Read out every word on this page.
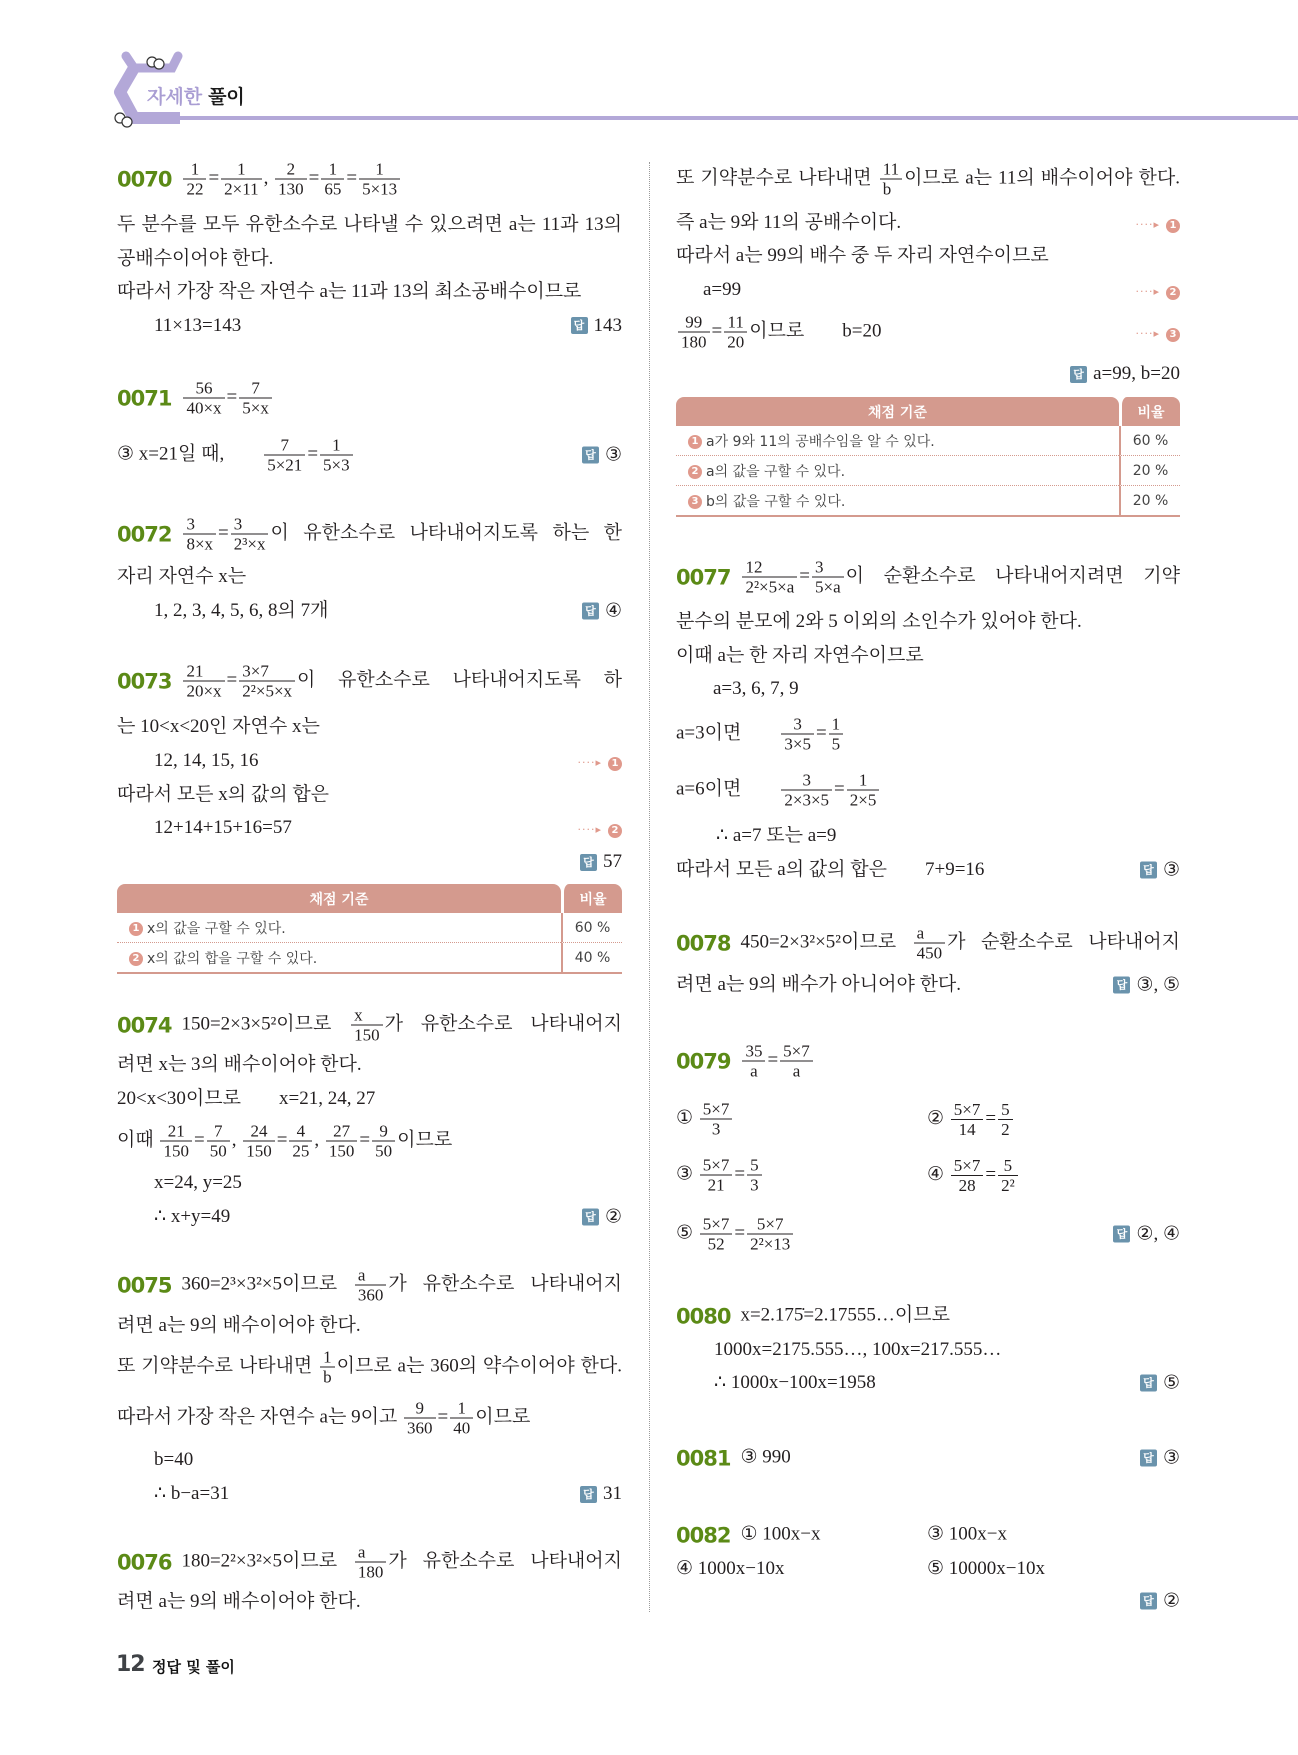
자세한 풀이
$0070 \frac{1}{22} = \frac{1}{2\times 11}$ , $\frac{2}{130} = \frac{1}{65} = \frac{1}{5\times 13}$
두 분수를 모두 유한소수로 나타낼 수 있으려면 a는 11과 13의
공배수이어야 한다.
따라서 가장 작은 자연수 a는 11과 13의 최소공배수이므로
11×13=143	답 143
$0071 \frac{56}{40\times x} = \frac{7}{5\times x}$
③ x=21일 때,   $\frac{7}{5\times 21} = \frac{1}{5\times 3}$	답 ③
$0072 \frac{3}{8\times x} = \frac{3}{\text{2³×x}}$ 이 유한소수로 나타내어지도록 하는 한
자리 자연수 x는
1, 2, 3, 4, 5, 6, 8의 7개	답 ④
$0073 \frac{21}{20\times x} = \frac{3\times 7}{\text{2²×5×x}}$ 이 유한소수로 나타내어지도록 하
는 10<x<20인 자연수 x는
12, 14, 15, 16	····▸ 1
따라서 모든 x의 값의 합은
12+14+15+16=57	····▸ 2
답 57
채점 기준	비율
1 x의 값을 구할 수 있다.	60 %
2 x의 값의 합을 구할 수 있다.	40 %
0074 150=2×3×5²이므로 $\frac{x}{150}$ 가 유한소수로 나타내어지
려면 x는 3의 배수이어야 한다.
20<x<30이므로  x=21, 24, 27
이때 $\frac{21}{150} = \frac{7}{50}$ , $\frac{24}{150} = \frac{4}{25}$ , $\frac{27}{150} = \frac{9}{50}$ 이므로
x=24, y=25
∴ x+y=49	답 ②
0075 360=2³×3²×5이므로 $\frac{a}{360}$ 가 유한소수로 나타내어지
려면 a는 9의 배수이어야 한다.
또 기약분수로 나타내면 $\frac{1}{b}$ 이므로 a는 360의 약수이어야 한다.
따라서 가장 작은 자연수 a는 9이고 $\frac{9}{360} = \frac{1}{40}$ 이므로
b=40
∴ b−a=31	답 31
0076 180=2²×3²×5이므로 $\frac{a}{180}$ 가 유한소수로 나타내어지
려면 a는 9의 배수이어야 한다.
또 기약분수로 나타내면 $\frac{11}{b}$ 이므로 a는 11의 배수이어야 한다.
즉 a는 9와 11의 공배수이다.	····▸ 1
따라서 a는 99의 배수 중 두 자리 자연수이므로
a=99	····▸ 2
$\frac{99}{180} = \frac{11}{20}$ 이므로  b=20	····▸ 3
답 a=99, b=20
채점 기준	비율
1 a가 9와 11의 공배수임을 알 수 있다.	60 %
2 a의 값을 구할 수 있다.	20 %
3 b의 값을 구할 수 있다.	20 %
$0077 \frac{12}{\text{2²×5×a}} = \frac{3}{5\times a}$ 이 순환소수로 나타내어지려면 기약
분수의 분모에 2와 5 이외의 소인수가 있어야 한다.
이때 a는 한 자리 자연수이므로
a=3, 6, 7, 9
a=3이면   $\frac{3}{3\times 5} = \frac{1}{5}$
a=6이면   $\frac{3}{2\times 3\times 5} = \frac{1}{2\times 5}$
∴ a=7 또는 a=9
따라서 모든 a의 값의 합은  7+9=16	답 ③
0078 450=2×3²×5²이므로 $\frac{a}{450}$ 가 순환소수로 나타내어지
려면 a는 9의 배수가 아니어야 한다.	답 ③, ⑤
$0079 \frac{35}{a} = \frac{5\times 7}{a}$
① $\frac{5\times 7}{3}$	② $\frac{5\times 7}{14} = \frac{5}{2}$
③ $\frac{5\times 7}{21} = \frac{5}{3}$	④ $\frac{5\times 7}{28} = \frac{5}{\text{2²}}$
⑤ $\frac{5\times 7}{52} = \frac{5\times 7}{\text{2²×13}}$	답 ②, ④
0080 x=2.175̇=2.17555…이므로
1000x=2175.555…, 100x=217.555…
∴ 1000x−100x=1958	답 ⑤
0081 ③ 990	답 ③
0082 ① 100x−x	③ 100x−x
④ 1000x−10x	⑤ 10000x−10x
답 ②
12 정답 및 풀이
